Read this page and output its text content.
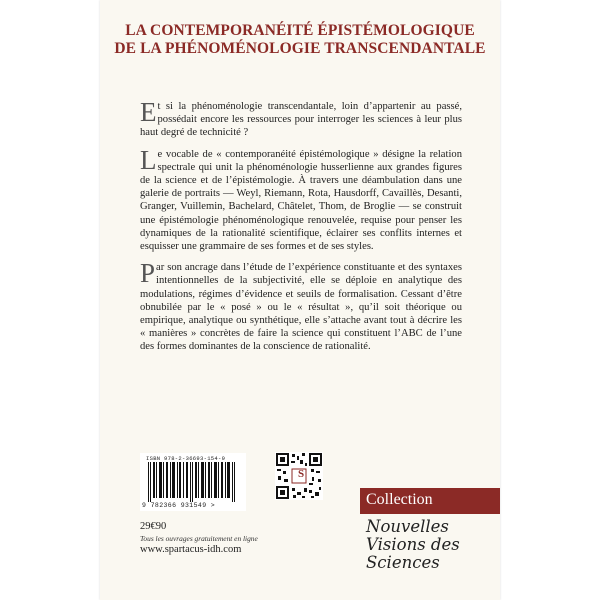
LA CONTEMPORANÉITÉ ÉPISTÉMOLOGIQUE
DE LA PHÉNOMÉNOLOGIE TRANSCENDANTALE

Et si la phénoménologie transcendantale, loin d’appartenir au passé, possédait encore les ressources pour interroger les sciences à leur plus haut degré de technicité ?

Le vocable de « contemporanéité épistémologique » désigne la relation spectrale qui unit la phénoménologie husserlienne aux grandes figures de la science et de l’épistémologie. À travers une déambulation dans une galerie de portraits — Weyl, Riemann, Rota, Hausdorff, Cavaillès, Desanti, Granger, Vuillemin, Bachelard, Châtelet, Thom, de Broglie — se construit une épistémologie phénoménologique renouvelée, requise pour penser les dynamiques de la rationalité scientifique, éclairer ses conflits internes et esquisser une grammaire de ses formes et de ses styles.

Par son ancrage dans l’étude de l’expérience constituante et des syntaxes intentionnelles de la subjectivité, elle se déploie en analytique des modulations, régimes d’évidence et seuils de formalisation. Cessant d’être obnubilée par le « posé » ou le « résultat », qu’il soit théorique ou empirique, analytique ou synthétique, elle s’attache avant tout à décrire les « manières » concrètes de faire la science qui constituent l’ABC de l’une des formes dominantes de la conscience de rationalité.

ISBN 978-2-36693-154-9
9 782366 931549 >
S
29€90
Tous les ouvrages gratuitement en ligne
www.spartacus-idh.com
Collection
Nouvelles
Visions des
Sciences
